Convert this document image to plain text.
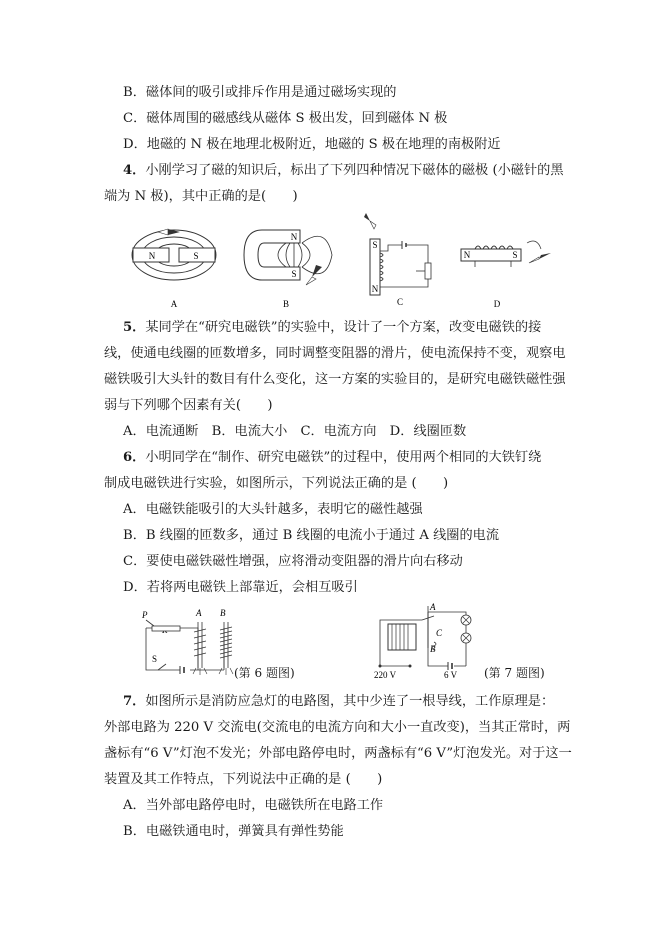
B．磁体间的吸引或排斥作用是通过磁场实现的
C．磁体周围的磁感线从磁体 S 极出发，回到磁体 N 极
D．地磁的 N 极在地理北极附近，地磁的 S 极在地理的南极附近
4．小刚学习了磁的知识后，标出了下列四种情况下磁体的磁极 (小磁针的黑
端为 N 极)，其中正确的是(　　)
N	S
A
N
S
B
S
N
C
N	S
D
5．某同学在“研究电磁铁”的实验中，设计了一个方案，改变电磁铁的接
线，使通电线圈的匝数增多，同时调整变阻器的滑片，使电流保持不变，观察电
磁铁吸引大头针的数目有什么变化，这一方案的实验目的，是研究电磁铁磁性强
弱与下列哪个因素有关(　　)
A．电流通断　B．电流大小　C．电流方向　D．线圈匝数
6．小明同学在“制作、研究电磁铁”的过程中，使用两个相同的大铁钉绕
制成电磁铁进行实验，如图所示，下列说法正确的是 (　　)
A．电磁铁能吸引的大头针越多，表明它的磁性越强
B．B 线圈的匝数多，通过 B 线圈的电流小于通过 A 线圈的电流
C．要使电磁铁磁性增强，应将滑动变阻器的滑片向右移动
D．若将两电磁铁上部靠近，会相互吸引
P	A B
S
(第 6 题图)
A
B
C
220 V	6 V (第 7 题图)
7．如图所示是消防应急灯的电路图，其中少连了一根导线，工作原理是：
外部电路为 220 V 交流电(交流电的电流方向和大小一直改变)，当其正常时，两
盏标有“6 V”灯泡不发光；外部电路停电时，两盏标有“6 V”灯泡发光。对于这一
装置及其工作特点，下列说法中正确的是 (　　)
A．当外部电路停电时，电磁铁所在电路工作
B．电磁铁通电时，弹簧具有弹性势能
